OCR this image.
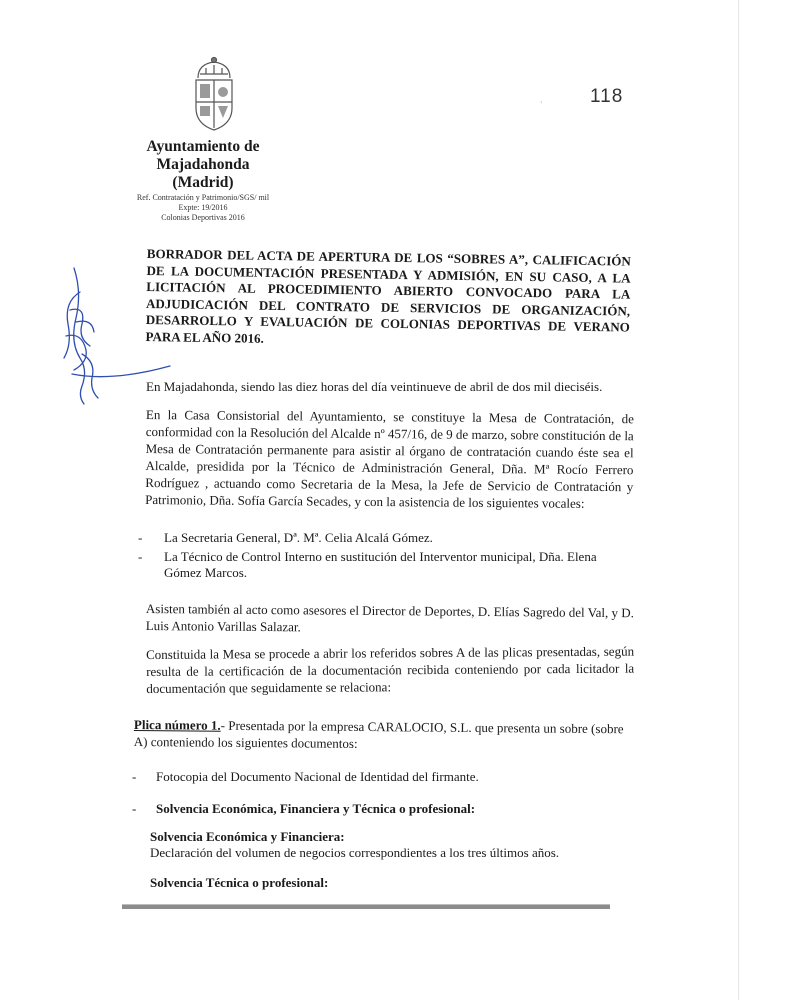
Ayuntamiento de
Majadahonda
(Madrid)
Ref. Contratación y Patrimonio/SGS/ mil
Expte: 19/2016
Colonias Deportivas 2016
· 118
BORRADOR DEL ACTA DE APERTURA DE LOS “SOBRES A”, CALIFICACIÓN DE LA DOCUMENTACIÓN PRESENTADA Y ADMISIÓN, EN SU CASO, A LA LICITACIÓN AL PROCEDIMIENTO ABIERTO CONVOCADO PARA LA ADJUDICACIÓN DEL CONTRATO DE SERVICIOS DE ORGANIZACIÓN, DESARROLLO Y EVALUACIÓN DE COLONIAS DEPORTIVAS DE VERANO PARA EL AÑO 2016.
En Majadahonda, siendo las diez horas del día veintinueve de abril de dos mil dieciséis.
En la Casa Consistorial del Ayuntamiento, se constituye la Mesa de Contratación, de conformidad con la Resolución del Alcalde nº 457/16, de 9 de marzo, sobre constitución de la Mesa de Contratación permanente para asistir al órgano de contratación cuando éste sea el Alcalde, presidida por la Técnico de Administración General, Dña. Mª Rocío Ferrero Rodríguez , actuando como Secretaria de la Mesa, la Jefe de Servicio de Contratación y Patrimonio, Dña. Sofía García Secades, y con la asistencia de los siguientes vocales:
-	La Secretaria General, Dª. Mª. Celia Alcalá Gómez.
-	La Técnico de Control Interno en sustitución del Interventor municipal, Dña. Elena Gómez Marcos.
Asisten también al acto como asesores el Director de Deportes, D. Elías Sagredo del Val, y D. Luis Antonio Varillas Salazar.
Constituida la Mesa se procede a abrir los referidos sobres A de las plicas presentadas, según resulta de la certificación de la documentación recibida conteniendo por cada licitador la documentación que seguidamente se relaciona:
Plica número 1.- Presentada por la empresa CARALOCIO, S.L. que presenta un sobre (sobre A) conteniendo los siguientes documentos:
-	Fotocopia del Documento Nacional de Identidad del firmante.
-	Solvencia Económica, Financiera y Técnica o profesional:
Solvencia Económica y Financiera:
Declaración del volumen de negocios correspondientes a los tres últimos años.
Solvencia Técnica o profesional:
